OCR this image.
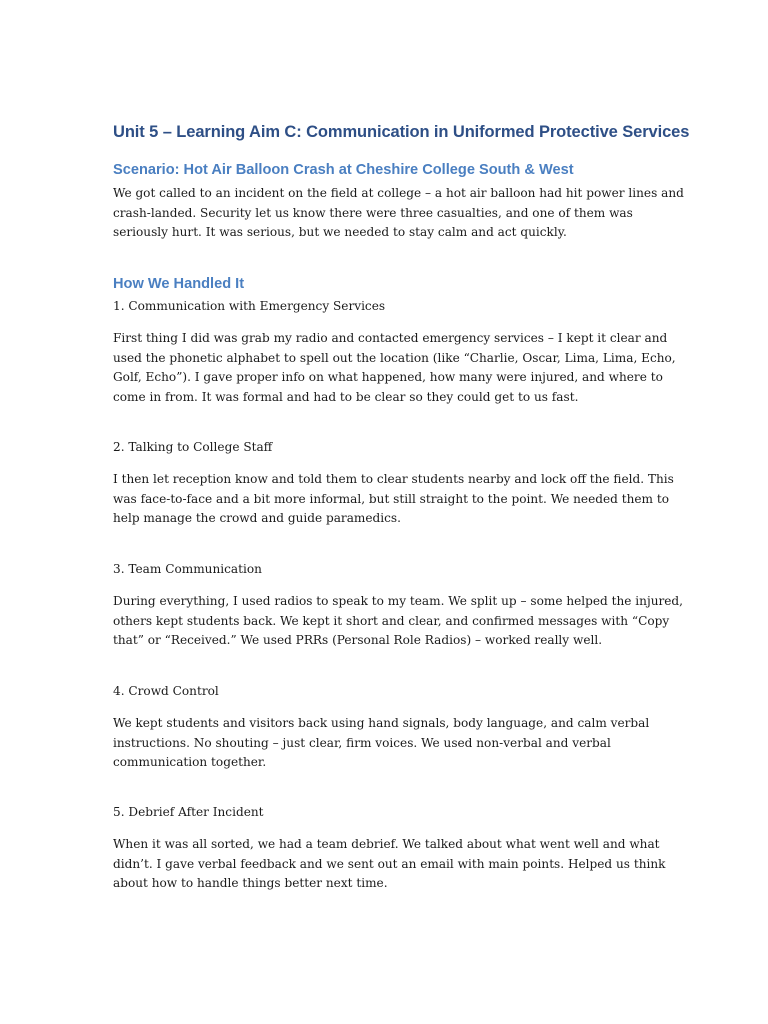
Unit 5 – Learning Aim C: Communication in Uniformed Protective Services
Scenario: Hot Air Balloon Crash at Cheshire College South & West

We got called to an incident on the field at college – a hot air balloon had hit power lines and
crash-landed. Security let us know there were three casualties, and one of them was
seriously hurt. It was serious, but we needed to stay calm and act quickly.

How We Handled It

1. Communication with Emergency Services

First thing I did was grab my radio and contacted emergency services – I kept it clear and
used the phonetic alphabet to spell out the location (like “Charlie, Oscar, Lima, Lima, Echo,
Golf, Echo”). I gave proper info on what happened, how many were injured, and where to
come in from. It was formal and had to be clear so they could get to us fast.

2. Talking to College Staff

I then let reception know and told them to clear students nearby and lock off the field. This
was face-to-face and a bit more informal, but still straight to the point. We needed them to
help manage the crowd and guide paramedics.

3. Team Communication

During everything, I used radios to speak to my team. We split up – some helped the injured,
others kept students back. We kept it short and clear, and confirmed messages with “Copy
that” or “Received.” We used PRRs (Personal Role Radios) – worked really well.

4. Crowd Control

We kept students and visitors back using hand signals, body language, and calm verbal
instructions. No shouting – just clear, firm voices. We used non-verbal and verbal
communication together.

5. Debrief After Incident

When it was all sorted, we had a team debrief. We talked about what went well and what
didn’t. I gave verbal feedback and we sent out an email with main points. Helped us think
about how to handle things better next time.
